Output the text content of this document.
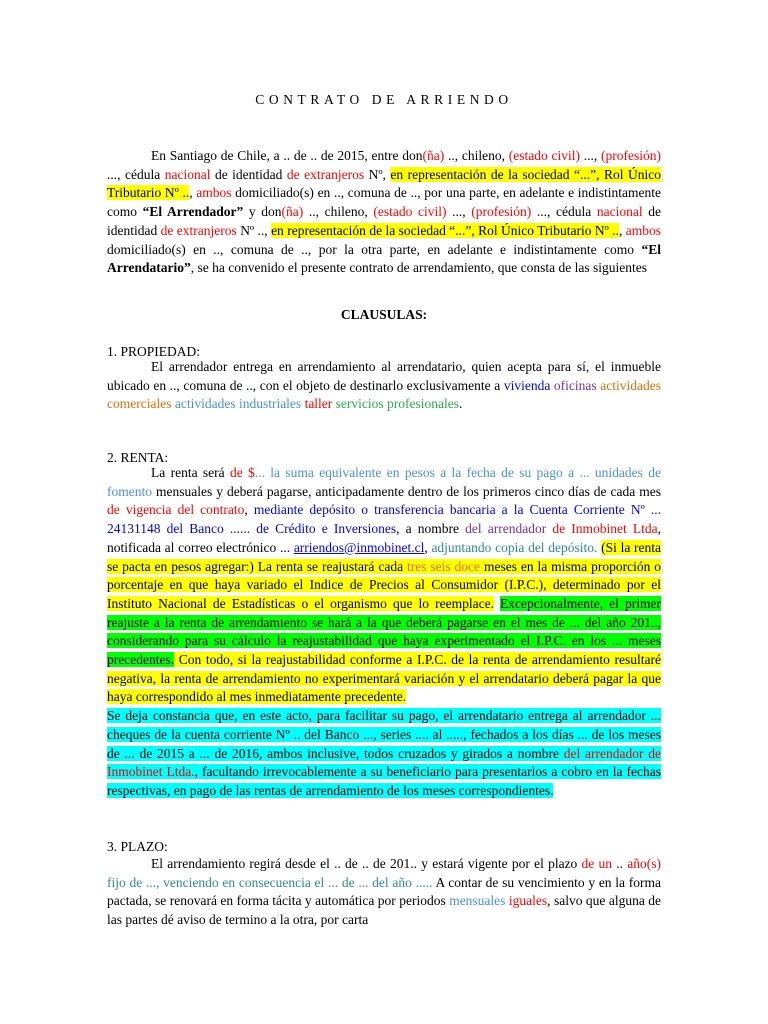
CONTRATO DE ARRIENDO
En Santiago de Chile, a .. de .. de 2015, entre don(ña) .., chileno, (estado civil) ..., (profesión) ..., cédula nacional de identidad de extranjeros Nº, en representación de la sociedad “...”, Rol Único Tributario Nº .., ambos domiciliado(s) en .., comuna de .., por una parte, en adelante e indistintamente como “El Arrendador” y don(ña) .., chileno, (estado civil) ..., (profesión) ..., cédula nacional de identidad de extranjeros Nº .., en representación de la sociedad “...”, Rol Único Tributario Nº .., ambos domiciliado(s) en .., comuna de .., por la otra parte, en adelante e indistintamente como “El Arrendatario”, se ha convenido el presente contrato de arrendamiento, que consta de las siguientes
CLAUSULAS:
1. PROPIEDAD:
El arrendador entrega en arrendamiento al arrendatario, quien acepta para sí, el inmueble ubicado en .., comuna de .., con el objeto de destinarlo exclusivamente a vivienda oficinas actividades comerciales actividades industriales taller servicios profesionales.
2. RENTA:
La renta será de $... la suma equivalente en pesos a la fecha de su pago a ... unidades de fomento mensuales y deberá pagarse, anticipadamente dentro de los primeros cinco días de cada mes de vigencia del contrato, mediante depósito o transferencia bancaria a la Cuenta Corriente Nº ... 24131148 del Banco ...... de Crédito e Inversiones, a nombre del arrendador de Inmobinet Ltda, notificada al correo electrónico ... arriendos@inmobinet.cl, adjuntando copia del depósito. (Si la renta se pacta en pesos agregar:) La renta se reajustará cada tres seis doce meses en la misma proporción o porcentaje en que haya variado el Indice de Precios al Consumidor (I.P.C.), determinado por el Instituto Nacional de Estadísticas o el organismo que lo reemplace. Excepcionalmente, el primer reajuste a la renta de arrendamiento se hará a la que deberá pagarse en el mes de ... del año 201.., considerando para su cálculo la reajustabilidad que haya experimentado el I.P.C. en los ... meses precedentes. Con todo, si la reajustabilidad conforme a I.P.C. de la renta de arrendamiento resultaré negativa, la renta de arrendamiento no experimentará variación y el arrendatario deberá pagar la que haya correspondido al mes inmediatamente precedente.
Se deja constancia que, en este acto, para facilitar su pago, el arrendatario entrega al arrendador ... cheques de la cuenta corriente Nº .. del Banco ..., series .... al ....., fechados a los días ... de los meses de ... de 2015 a ... de 2016, ambos inclusive, todos cruzados y girados a nombre del arrendador de Inmobinet Ltda., facultando irrevocablemente a su beneficiario para presentarlos a cobro en la fechas respectivas, en pago de las rentas de arrendamiento de los meses correspondientes.
3. PLAZO:
El arrendamiento regirá desde el .. de .. de 201.. y estará vigente por el plazo de un .. año(s) fijo de ..., venciendo en consecuencia el ... de ... del año ..... A contar de su vencimiento y en la forma pactada, se renovará en forma tácita y automática por periodos mensuales iguales, salvo que alguna de las partes dé aviso de termino a la otra, por carta
